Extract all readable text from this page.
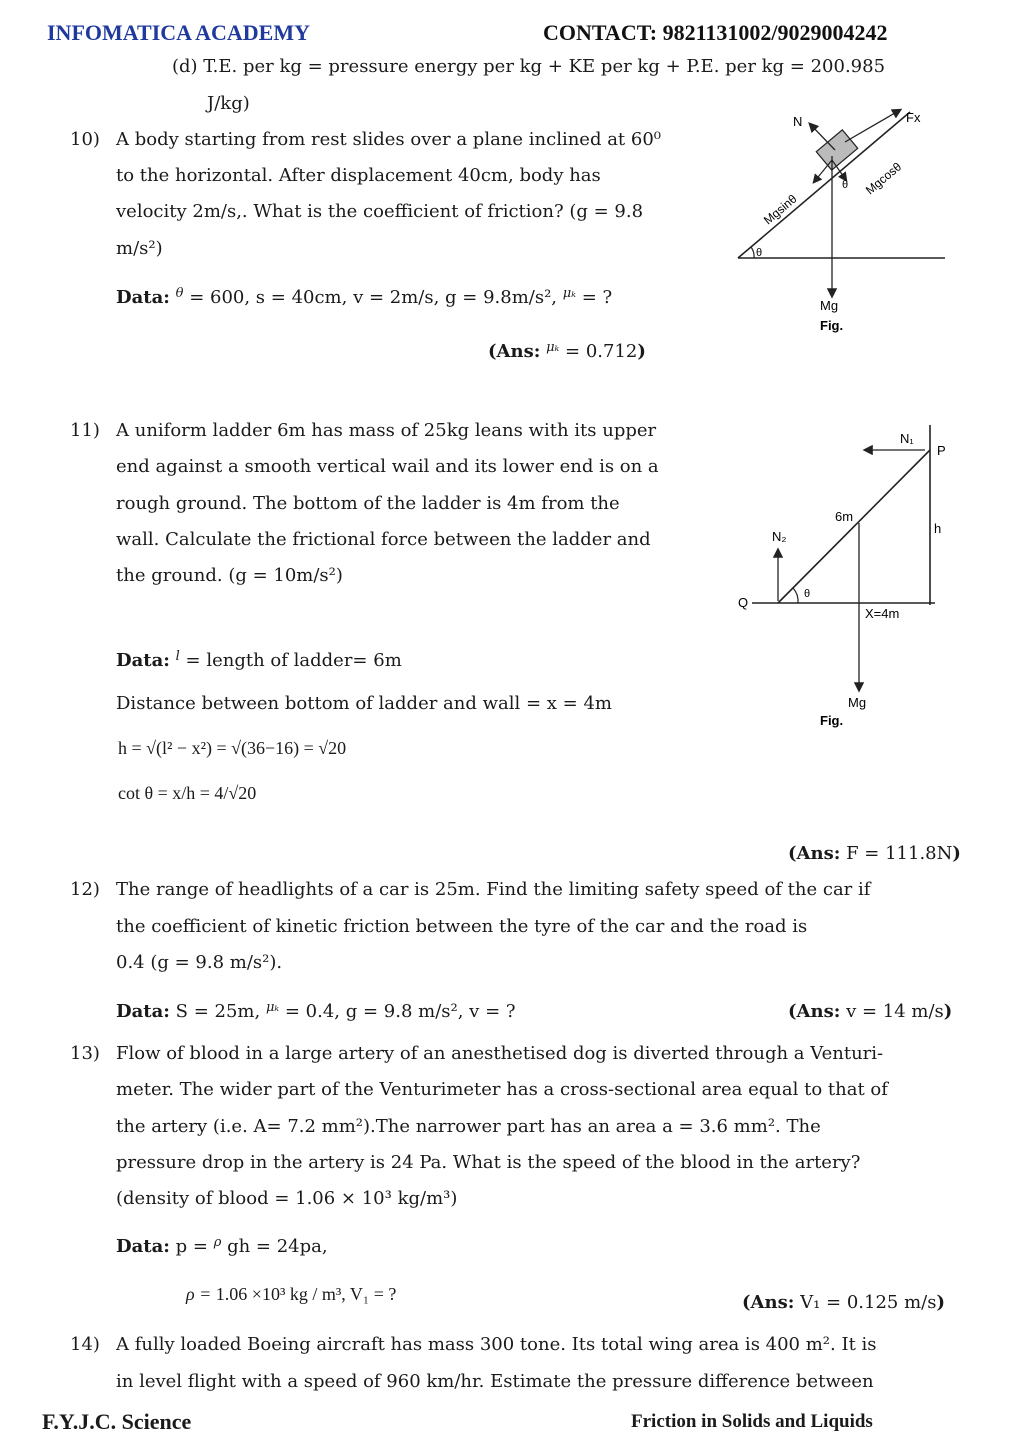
INFOMATICA ACADEMY	CONTACT: 9821131002/9029004242
(d) T.E. per kg = pressure energy per kg + KE per kg + P.E. per kg = 200.985
J/kg)
10) A body starting from rest slides over a plane inclined at 60⁰
to the horizontal. After displacement 40cm, body has
velocity 2m/s,. What is the coefficient of friction? (g = 9.8
m/s²)
Data: $^\theta$ = 600, s = 40cm, v = 2m/s, g = 9.8m/s², $^{\mu_k}$ = ?
(Ans: $^{\mu_k}$ = 0.712)
θ
N	Fx
Mgsinθ
Mgcosθ
θ
Mg
Fig.
11) A uniform ladder 6m has mass of 25kg leans with its upper
end against a smooth vertical wail and its lower end is on a
rough ground. The bottom of the ladder is 4m from the
wall. Calculate the frictional force between the ladder and
the ground. (g = 10m/s²)
Data: $^l$ = length of ladder= 6m
Distance between bottom of ladder and wall = x = 4m
h = √(l² − x²) = √(36−16) = √20
cot θ = x/h = 4/√20
(Ans: F = 111.8N)
N₁
P
6m
h
N₂
Q
θ
X=4m
Mg
Fig.
12) The range of headlights of a car is 25m. Find the limiting safety speed of the car if
the coefficient of kinetic friction between the tyre of the car and the road is
0.4 (g = 9.8 m/s²).
Data: S = 25m, $^{\mu_k}$ = 0.4, g = 9.8 m/s², v = ?	(Ans: v = 14 m/s)
13) Flow of blood in a large artery of an anesthetised dog is diverted through a Venturi-
meter. The wider part of the Venturimeter has a cross-sectional area equal to that of
the artery (i.e. A= 7.2 mm²).The narrower part has an area a = 3.6 mm². The
pressure drop in the artery is 24 Pa. What is the speed of the blood in the artery?
(density of blood = 1.06 × 10³ kg/m³)
Data: p = $^\rho$ gh = 24pa,
ρ = 1.06 ×10³ kg / m³, V₁ = ?	(Ans: V₁ = 0.125 m/s)
14) A fully loaded Boeing aircraft has mass 300 tone. Its total wing area is 400 m². It is
in level flight with a speed of 960 km/hr. Estimate the pressure difference between
F.Y.J.C. Science	Friction in Solids and Liquids
